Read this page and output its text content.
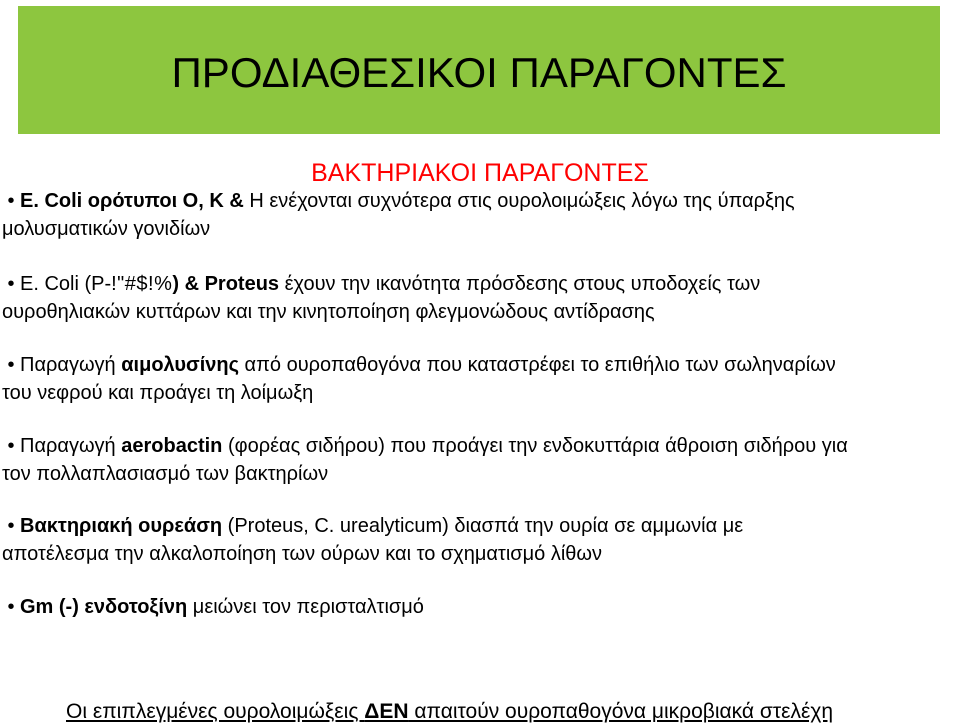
ΠΡΟΔΙΑΘΕΣΙΚΟΙ ΠΑΡΑΓΟΝΤΕΣ
ΒΑΚΤΗΡΙΑΚΟΙ ΠΑΡΑΓΟΝΤΕΣ
• E. Coli ορότυποι O, K & H ενέχονται συχνότερα στις ουρολοιμώξεις λόγω της ύπαρξης
μολυσματικών γονιδίων
• E. Coli (P-!"#$!%) & Proteus έχουν την ικανότητα πρόσδεσης στους υποδοχείς των
ουροθηλιακών κυττάρων και την κινητοποίηση φλεγμονώδους αντίδρασης
• Παραγωγή αιμολυσίνης από ουροπαθογόνα που καταστρέφει το επιθήλιο των σωληναρίων
του νεφρού και προάγει τη λοίμωξη
• Παραγωγή aerobactin (φορέας σιδήρου) που προάγει την ενδοκυττάρια άθροιση σιδήρου για
τον πολλαπλασιασμό των βακτηρίων
• Βακτηριακή ουρεάση (Proteus, C. urealyticum) διασπά την ουρία σε αμμωνία με
αποτέλεσμα την αλκαλοποίηση των ούρων και το σχηματισμό λίθων
• Gm (-) ενδοτοξίνη μειώνει τον περισταλτισμό
Οι επιπλεγμένες ουρολοιμώξεις ΔΕΝ απαιτούν ουροπαθογόνα μικροβιακά στελέχη
